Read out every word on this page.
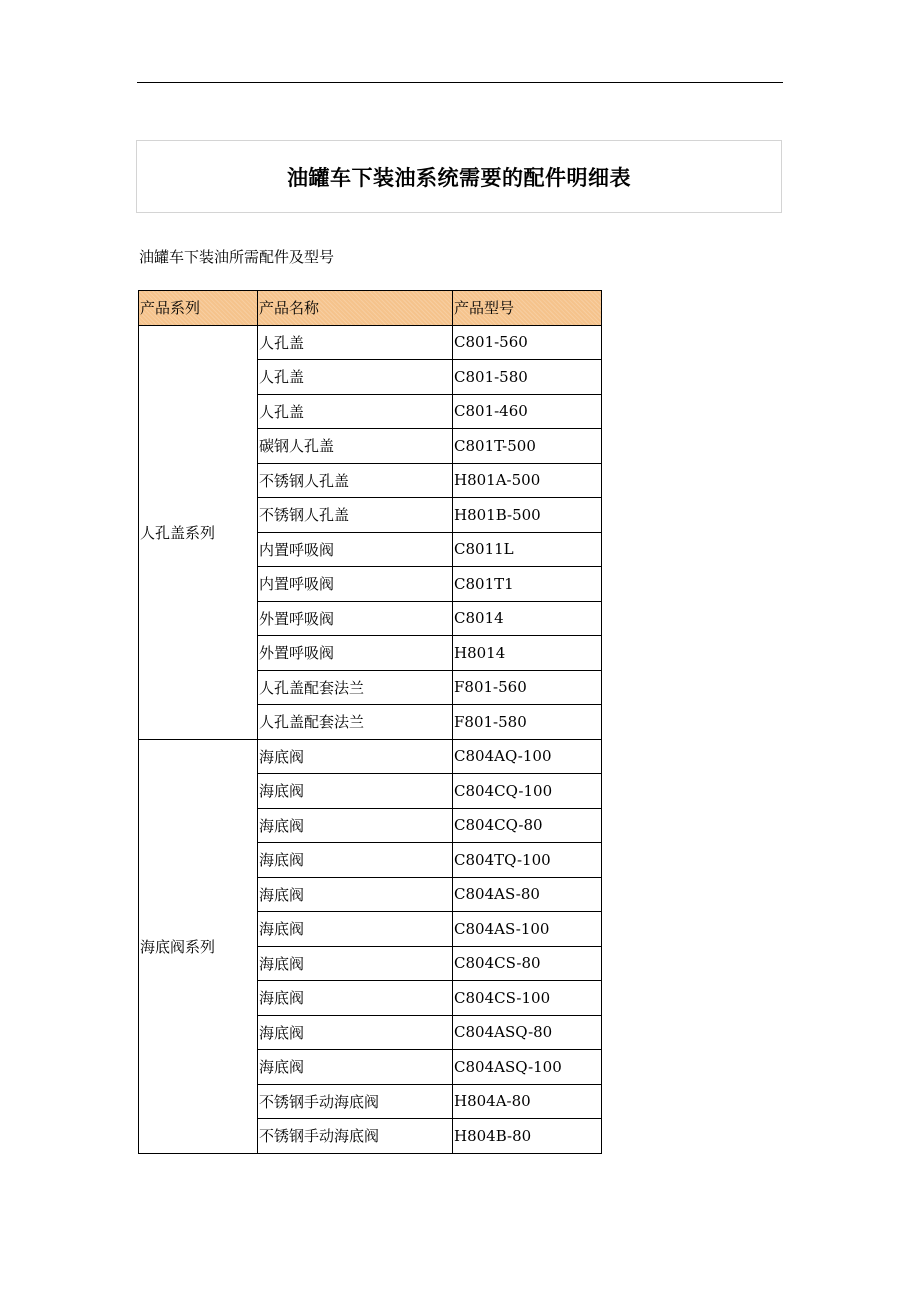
油罐车下装油系统需要的配件明细表

油罐车下装油所需配件及型号

产品系列	产品名称	产品型号
人孔盖系列	人孔盖	C801-560
	人孔盖	C801-580
	人孔盖	C801-460
	碳钢人孔盖	C801T-500
	不锈钢人孔盖	H801A-500
	不锈钢人孔盖	H801B-500
	内置呼吸阀	C8011L
	内置呼吸阀	C801T1
	外置呼吸阀	C8014
	外置呼吸阀	H8014
	人孔盖配套法兰	F801-560
	人孔盖配套法兰	F801-580
海底阀系列	海底阀	C804AQ-100
	海底阀	C804CQ-100
	海底阀	C804CQ-80
	海底阀	C804TQ-100
	海底阀	C804AS-80
	海底阀	C804AS-100
	海底阀	C804CS-80
	海底阀	C804CS-100
	海底阀	C804ASQ-80
	海底阀	C804ASQ-100
	不锈钢手动海底阀	H804A-80
	不锈钢手动海底阀	H804B-80
